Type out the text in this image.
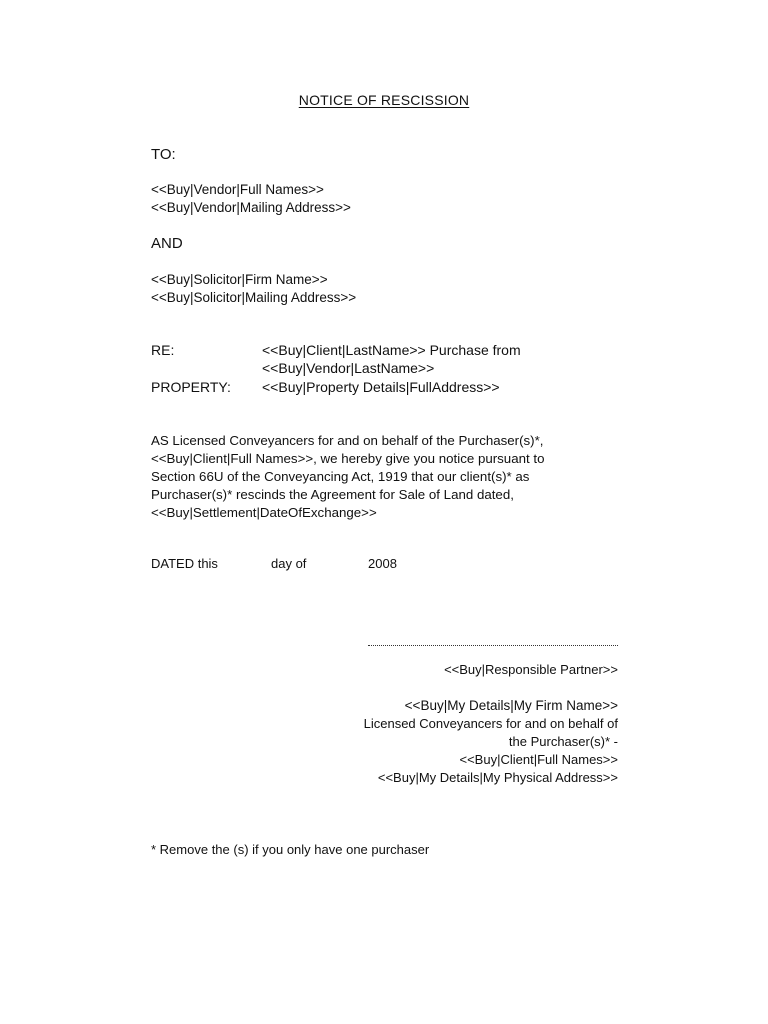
NOTICE OF RESCISSION
TO:
<<Buy|Vendor|Full Names>>
<<Buy|Vendor|Mailing Address>>
AND
<<Buy|Solicitor|Firm Name>>
<<Buy|Solicitor|Mailing Address>>
RE:	<<Buy|Client|LastName>> Purchase from
<<Buy|Vendor|LastName>>
PROPERTY: <<Buy|Property Details|FullAddress>>
AS Licensed Conveyancers for and on behalf of the Purchaser(s)*,
<<Buy|Client|Full Names>>, we hereby give you notice pursuant to
Section 66U of the Conveyancing Act, 1919 that our client(s)* as
Purchaser(s)* rescinds the Agreement for Sale of Land dated,
<<Buy|Settlement|DateOfExchange>>
DATED this	day of	2008
<<Buy|Responsible Partner>>
<<Buy|My Details|My Firm Name>>
Licensed Conveyancers for and on behalf of
the Purchaser(s)* -
<<Buy|Client|Full Names>>
<<Buy|My Details|My Physical Address>>
* Remove the (s) if you only have one purchaser
